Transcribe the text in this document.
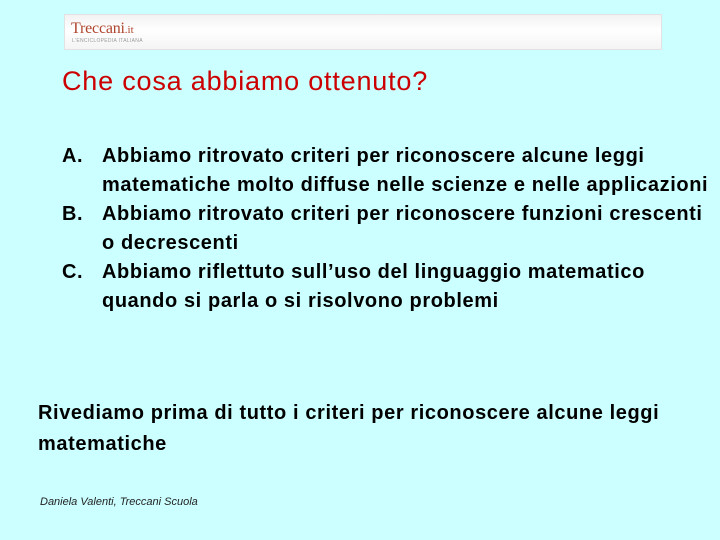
Treccani.it
L'ENCICLOPEDIA ITALIANA
Che cosa abbiamo ottenuto?
A. Abbiamo ritrovato criteri per riconoscere alcune leggi matematiche molto diffuse nelle scienze e nelle applicazioni
B. Abbiamo ritrovato criteri per riconoscere funzioni crescenti o decrescenti
C. Abbiamo riflettuto sull’uso del linguaggio matematico quando si parla o si risolvono problemi

Rivediamo prima di tutto i criteri per riconoscere alcune leggi matematiche

Daniela Valenti, Treccani Scuola
